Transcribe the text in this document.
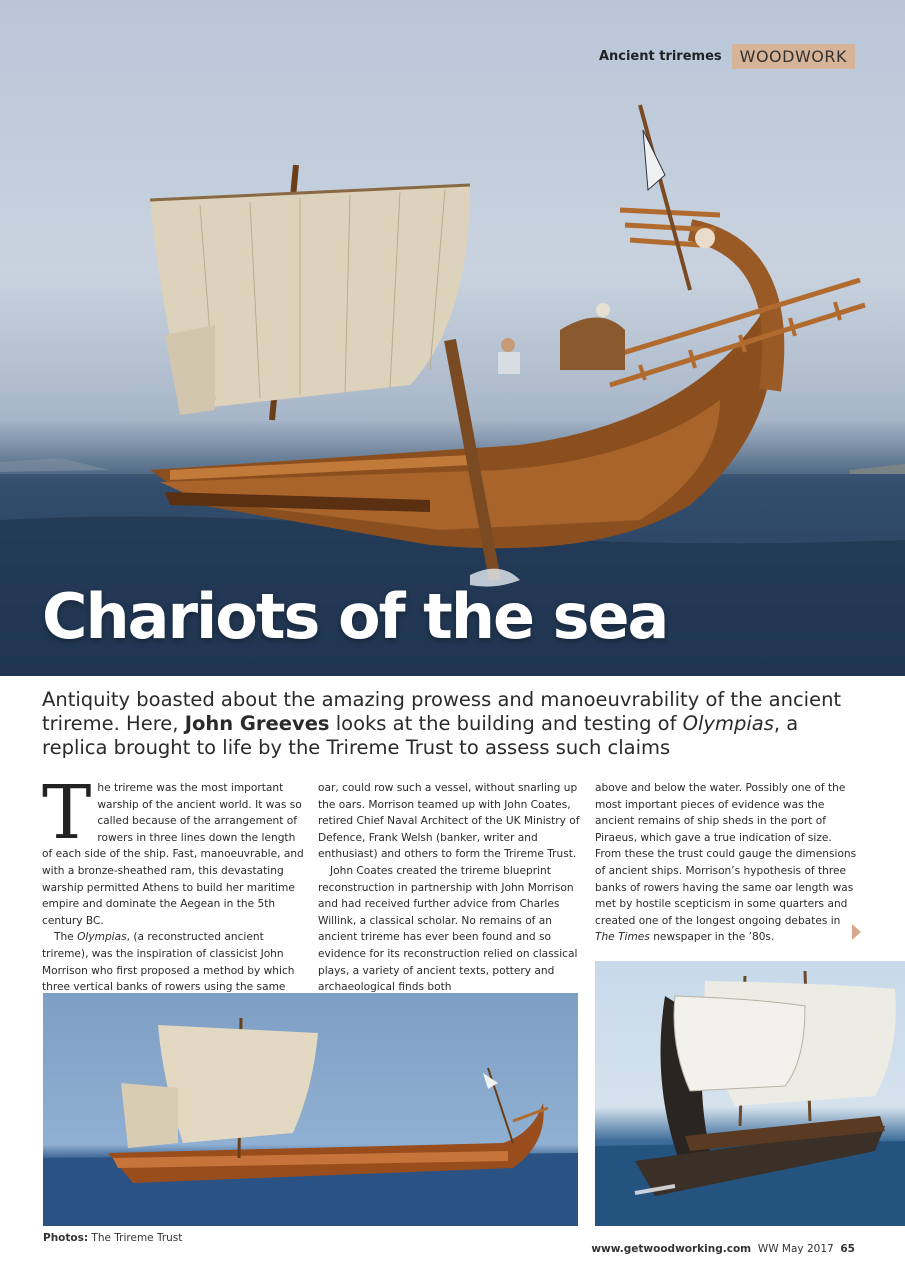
Ancient triremes	WOODWORK
Chariots of the sea
Antiquity boasted about the amazing prowess and manoeuvrability of the ancient trireme. Here, John Greeves looks at the building and testing of Olympias, a replica brought to life by the Trireme Trust to assess such claims

The trireme was the most important warship of the ancient world. It was so called because of the arrangement of rowers in three lines down the length of each side of the ship. Fast, manoeuvrable, and with a bronze-sheathed ram, this devastating warship permitted Athens to build her maritime empire and dominate the Aegean in the 5th century BC.

The Olympias, (a reconstructed ancient trireme), was the inspiration of classicist John Morrison who first proposed a method by which three vertical banks of rowers using the same

oar, could row such a vessel, without snarling up the oars. Morrison teamed up with John Coates, retired Chief Naval Architect of the UK Ministry of Defence, Frank Welsh (banker, writer and enthusiast) and others to form the Trireme Trust.

John Coates created the trireme blueprint reconstruction in partnership with John Morrison and had received further advice from Charles Willink, a classical scholar. No remains of an ancient trireme has ever been found and so evidence for its reconstruction relied on classical plays, a variety of ancient texts, pottery and archaeological finds both

above and below the water. Possibly one of the most important pieces of evidence was the ancient remains of ship sheds in the port of Piraeus, which gave a true indication of size. From these the trust could gauge the dimensions of ancient ships. Morrison’s hypothesis of three banks of rowers having the same oar length was met by hostile scepticism in some quarters and created one of the longest ongoing debates in The Times newspaper in the ’80s.

Photos: The Trireme Trust
www.getwoodworking.com WW May 2017 65
